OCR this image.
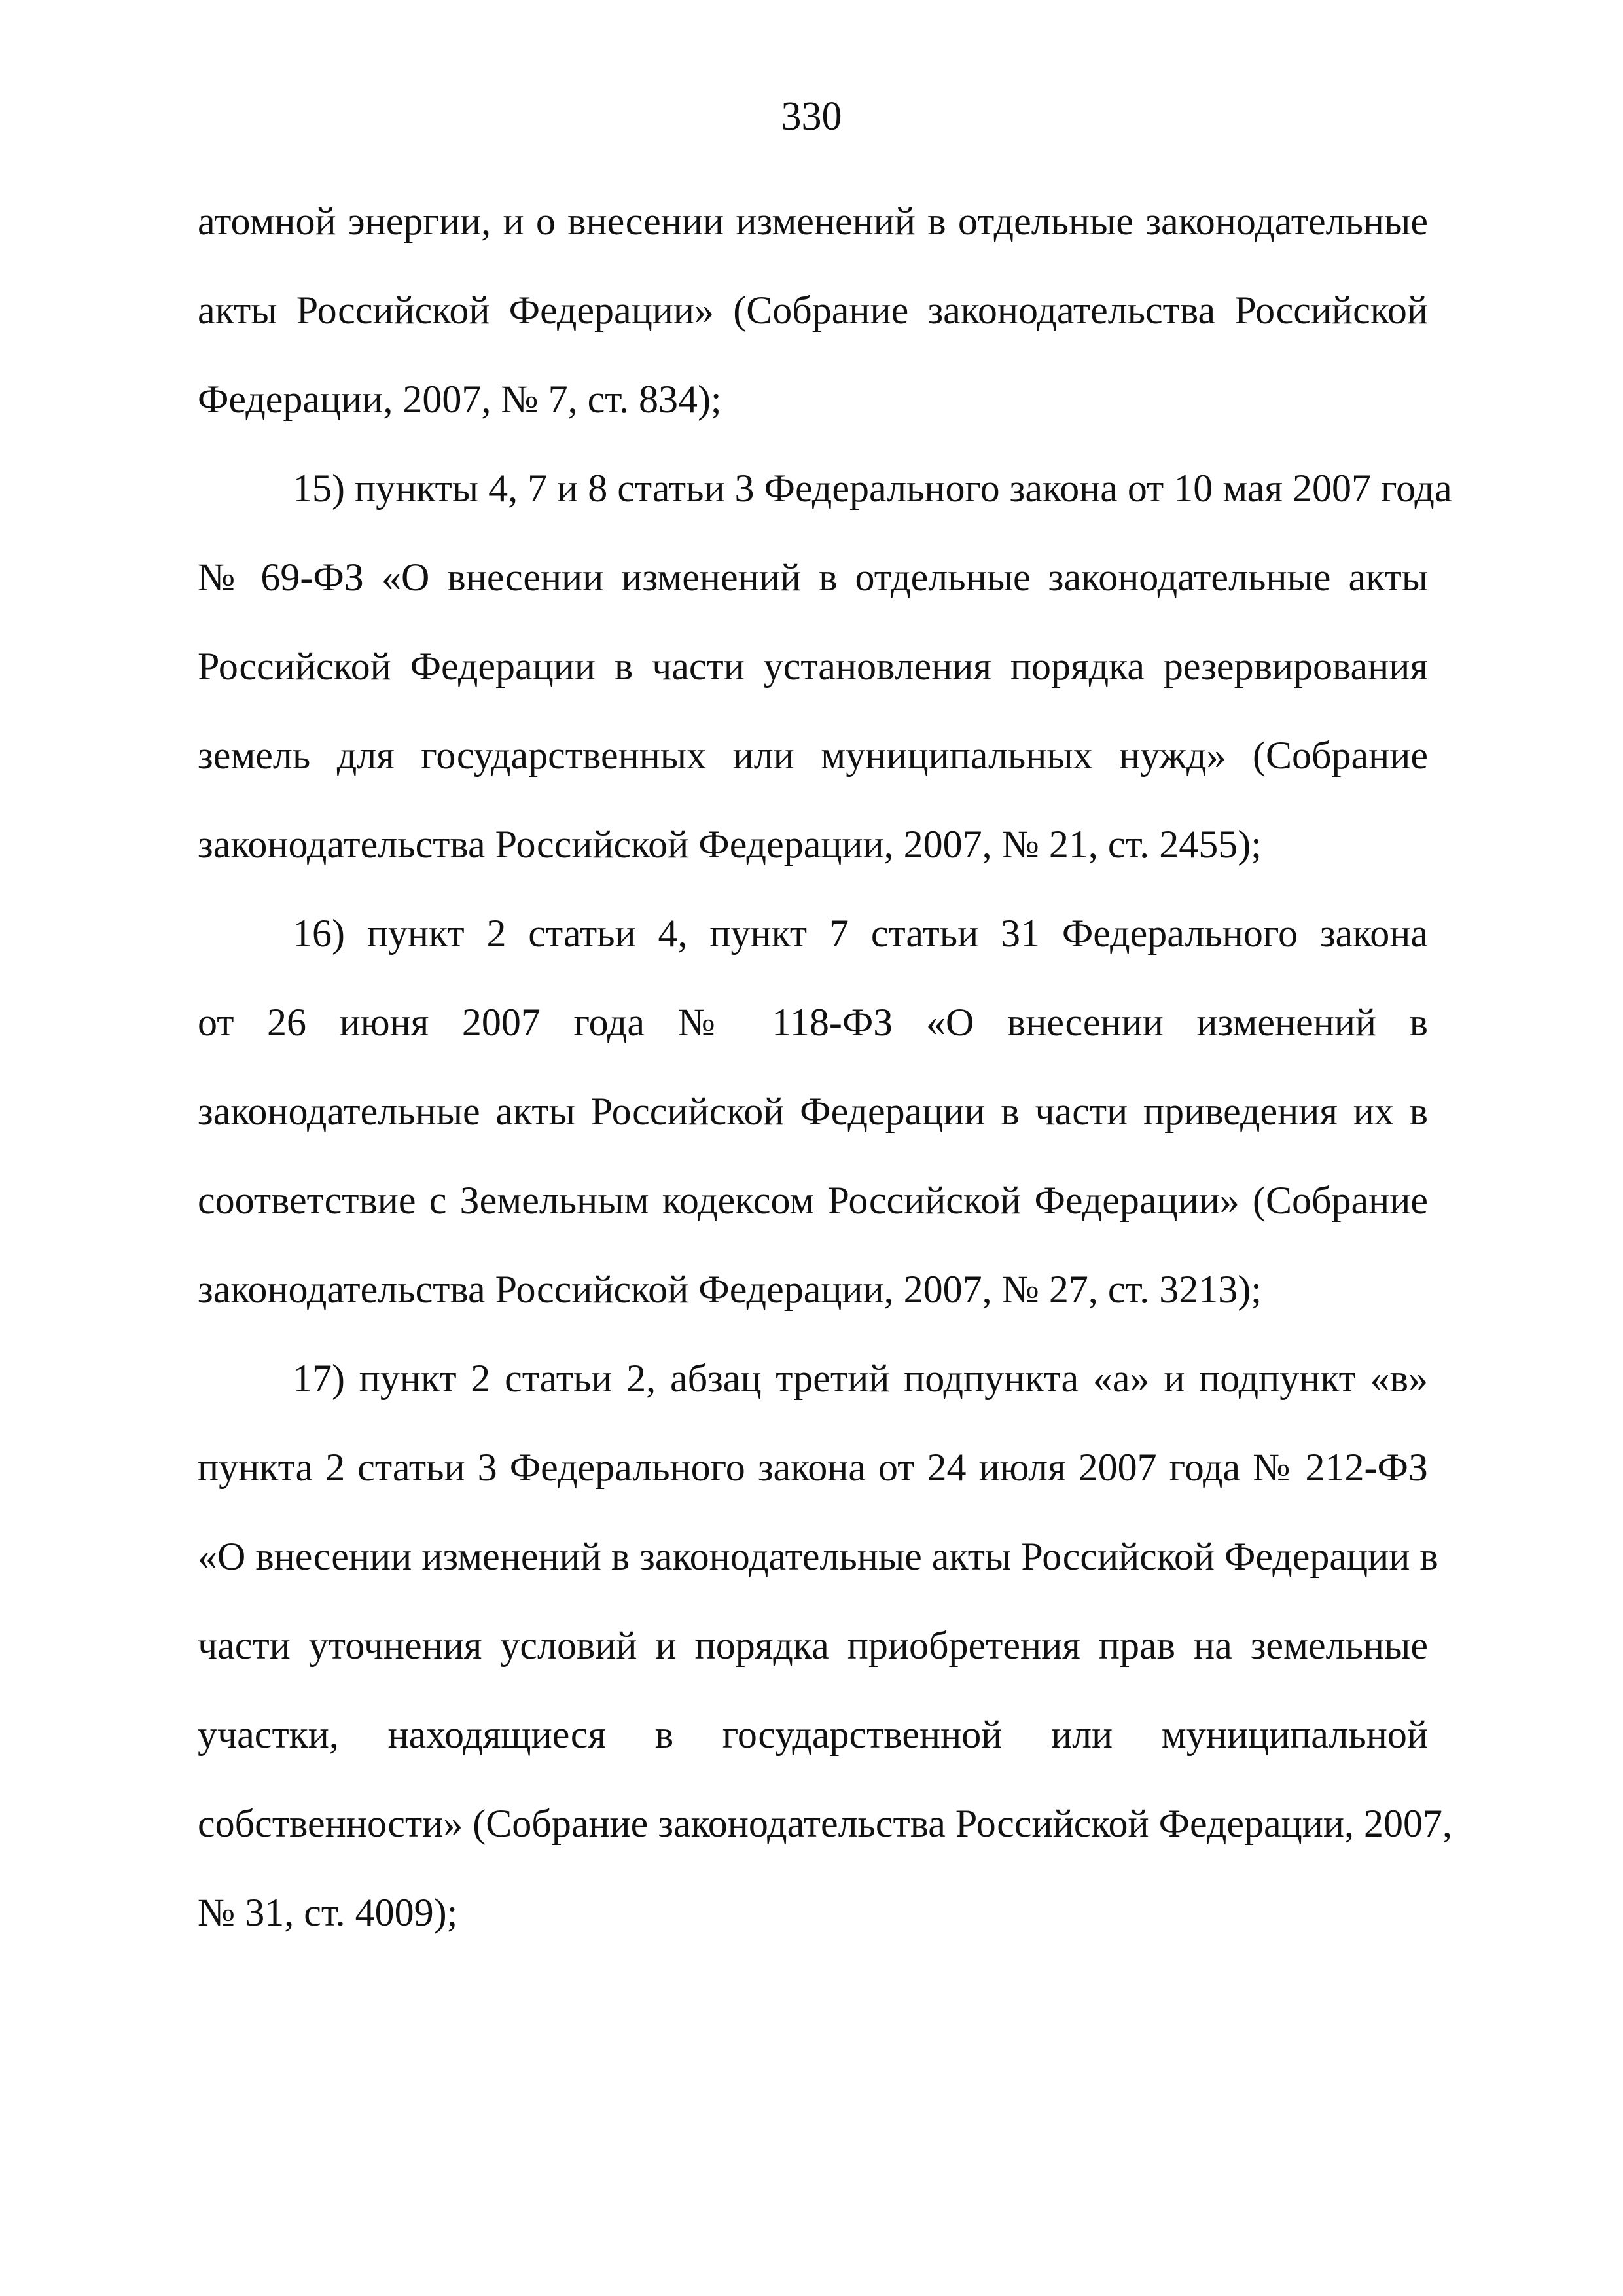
330

атомной энергии, и о внесении изменений в отдельные законодательные
акты Российской Федерации» (Собрание законодательства Российской
Федерации, 2007, № 7, ст. 834);

15) пункты 4, 7 и 8 статьи 3 Федерального закона от 10 мая 2007 года
№ 69-ФЗ «О внесении изменений в отдельные законодательные акты
Российской Федерации в части установления порядка резервирования
земель для государственных или муниципальных нужд» (Собрание
законодательства Российской Федерации, 2007, № 21, ст. 2455);

16) пункт 2 статьи 4, пункт 7 статьи 31 Федерального закона
от 26 июня 2007 года № 118-ФЗ «О внесении изменений в
законодательные акты Российской Федерации в части приведения их в
соответствие с Земельным кодексом Российской Федерации» (Собрание
законодательства Российской Федерации, 2007, № 27, ст. 3213);

17) пункт 2 статьи 2, абзац третий подпункта «а» и подпункт «в»
пункта 2 статьи 3 Федерального закона от 24 июля 2007 года № 212-ФЗ
«О внесении изменений в законодательные акты Российской Федерации в
части уточнения условий и порядка приобретения прав на земельные
участки, находящиеся в государственной или муниципальной
собственности» (Собрание законодательства Российской Федерации, 2007,
№ 31, ст. 4009);
